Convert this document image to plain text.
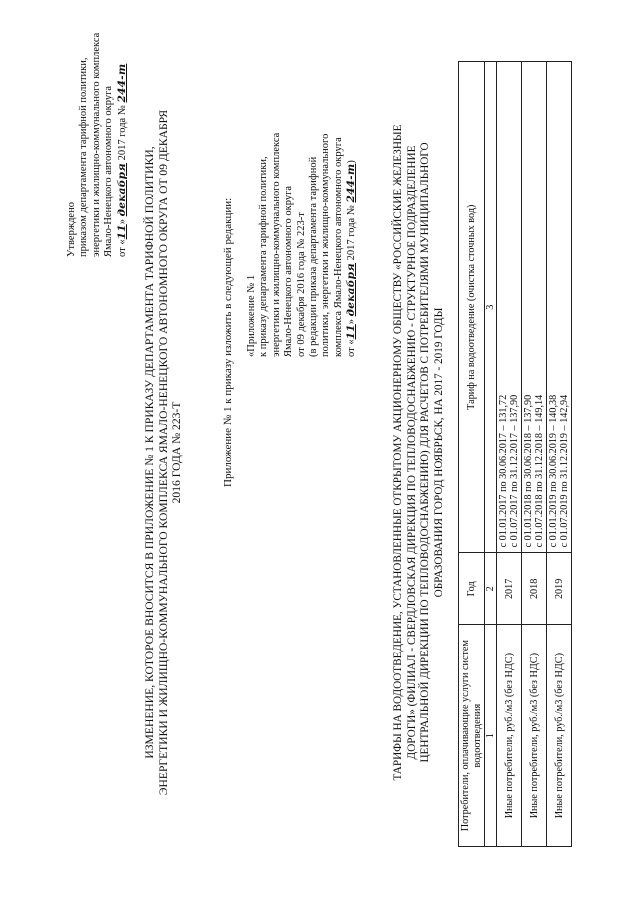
Утверждено приказом департамента тарифной политики, энергетики и жилищно-коммунального комплекса Ямало-Ненецкого автономного округа от «11» декабря 2017 года № 244-т
ИЗМЕНЕНИЕ, КОТОРОЕ ВНОСИТСЯ В ПРИЛОЖЕНИЕ № 1 К ПРИКАЗУ ДЕПАРТАМЕНТА ТАРИФНОЙ ПОЛИТИКИ, ЭНЕРГЕТИКИ И ЖИЛИЩНО-КОММУНАЛЬНОГО КОМПЛЕКСА ЯМАЛО-НЕНЕЦКОГО АВТОНОМНОГО ОКРУГА ОТ 09 ДЕКАБРЯ 2016 ГОДА № 223-Т	Приложение № 1 к приказу изложить в следующей редакции: «Приложение № 1 к приказу департамента тарифной политики, энергетики и жилищно-коммунального комплекса Ямало-Ненецкого автономного округа от 09 декабря 2016 года № 223-т (в редакции приказа департамента тарифной политики, энергетики и жилищно-коммунального комплекса Ямало-Ненецкого автономного округа от «11» декабря 2017 года № 244-т)	ТАРИФЫ НА ВОДООТВЕДЕНИЕ, УСТАНОВЛЕННЫЕ ОТКРЫТОМУ АКЦИОНЕРНОМУ ОБЩЕСТВУ «РОССИЙСКИЕ ЖЕЛЕЗНЫЕ ДОРОГИ» (ФИЛИАЛ - СВЕРДЛОВСКАЯ ДИРЕКЦИЯ ПО ТЕПЛОВОДОСНАБЖЕНИЮ - СТРУКТУРНОЕ ПОДРАЗДЕЛЕНИЕ ЦЕНТРАЛЬНОЙ ДИРЕКЦИИ ПО ТЕПЛОВОДОСНАБЖЕНИЮ) ДЛЯ РАСЧЕТОВ С ПОТРЕБИТЕЛЯМИ МУНИЦИПАЛЬНОГО ОБРАЗОВАНИЯ ГОРОД НОЯБРЬСК, НА 2017 - 2019 ГОДЫ
Потребители, оплачивающие услуги систем водоотведения	Год	Тариф на водоотведение (очистка сточных вод)
1	2	3
Иные потребители, руб./м3 (без НДС)	2017	с 01.01.2017 по 30.06.2017 – 131,72 с 01.07.2017 по 31.12.2017 – 137,90

Иные потребители, руб./м3 (без НДС)	2018	с 01.01.2018 по 30.06.2018 – 137,90 с 01.07.2018 по 31.12.2018 – 149,14

Иные потребители, руб./м3 (без НДС)	2019	с 01.01.2019 по 30.06.2019 – 140,38 с 01.07.2019 по 31.12.2019 – 142,94
